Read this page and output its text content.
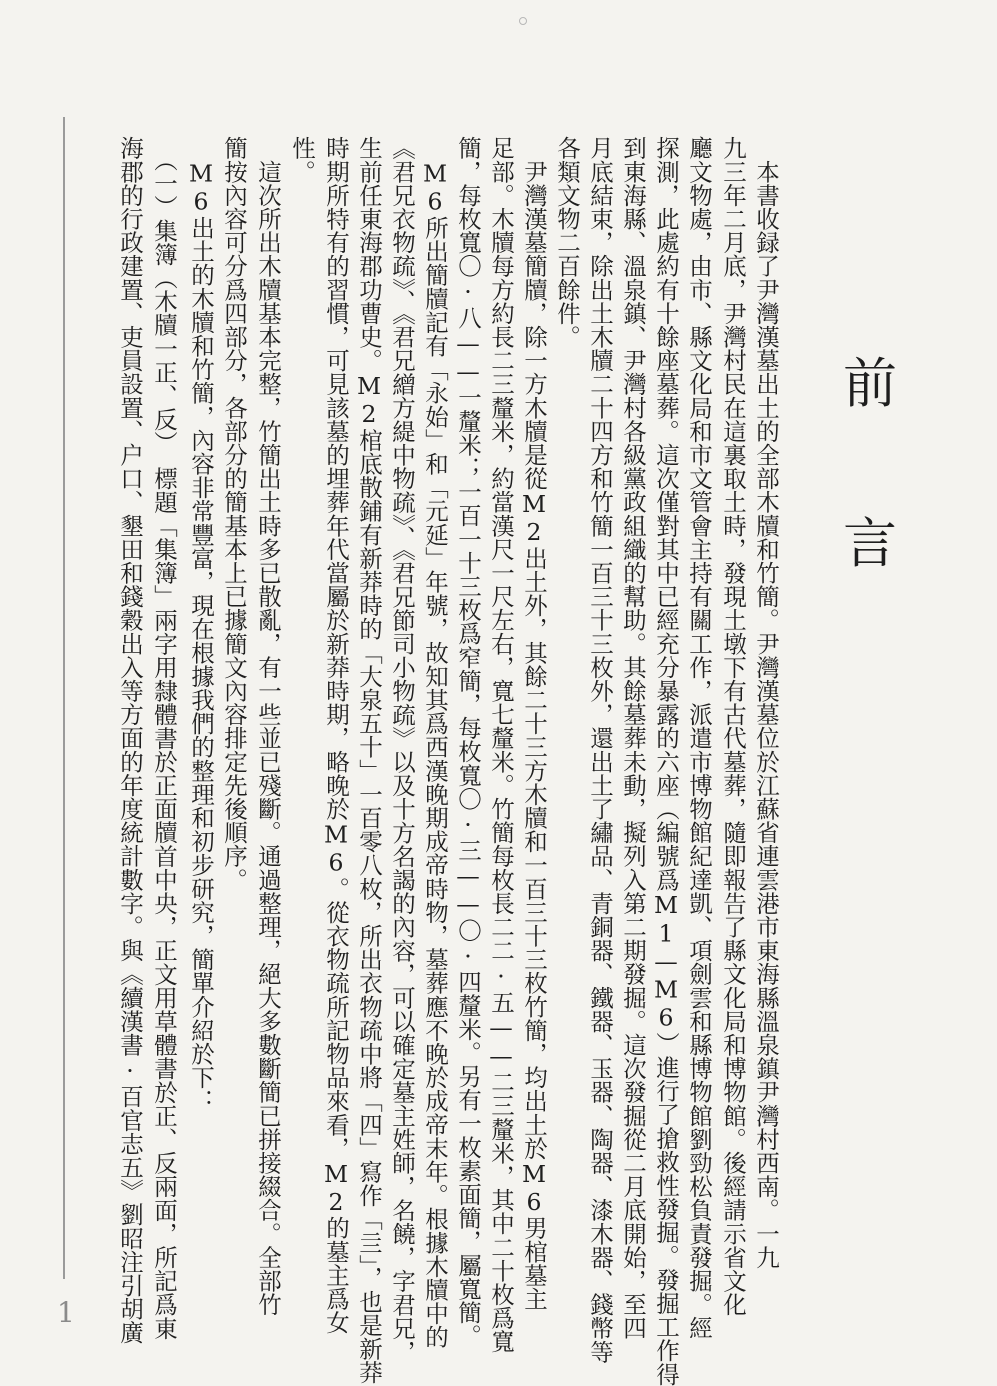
前
言
　本書收録了尹灣漢墓出土的全部木牘和竹簡。尹灣漢墓位於江蘇省連雲港市東海縣溫泉鎮尹灣村西南。一九
九三年二月底，尹灣村民在這裏取土時，發現土墩下有古代墓葬，隨即報告了縣文化局和博物館。後經請示省文化
廳文物處，由市、縣文化局和市文管會主持有關工作，派遣市博物館紀達凱、項劍雲和縣博物館劉勁松負責發掘。經
探測，此處約有十餘座墓葬。這次僅對其中已經充分暴露的六座（編號爲M1—M6）進行了搶救性發掘。發掘工作得
到東海縣、溫泉鎮、尹灣村各級黨政組織的幫助。其餘墓葬未動，擬列入第二期發掘。這次發掘從二月底開始，至四
月底結束，除出土木牘二十四方和竹簡一百三十三枚外，還出土了繡品、青銅器、鐵器、玉器、陶器、漆木器、錢幣等
各類文物二百餘件。
　尹灣漢墓簡牘，除一方木牘是從M2出土外，其餘二十三方木牘和一百三十三枚竹簡，均出土於M6男棺墓主
足部。木牘每方約長二三釐米，約當漢尺一尺左右，寬七釐米。竹簡每枚長二二·五——二三釐米，其中二十枚爲寬
簡，每枚寬〇·八——一釐米；一百一十三枚爲窄簡，每枚寬〇·三——〇·四釐米。另有一枚素面簡，屬寬簡。
　M6所出簡牘記有「永始」和「元延」年號，故知其爲西漢晚期成帝時物，墓葬應不晚於成帝末年。根據木牘中的
《君兄衣物疏》、《君兄繒方緹中物疏》、《君兄節司小物疏》以及十方名謁的內容，可以確定墓主姓師，名饒，字君兄，
生前任東海郡功曹史。M2棺底散鋪有新莽時的「大泉五十」一百零八枚，所出衣物疏中將「四」寫作「亖」，也是新莽
時期所特有的習慣，可見該墓的埋葬年代當屬於新莽時期，略晚於M6。從衣物疏所記物品來看，M2的墓主爲女
性。
　這次所出木牘基本完整，竹簡出土時多已散亂，有一些並已殘斷。通過整理，絕大多數斷簡已拼接綴合。全部竹
簡按內容可分爲四部分，各部分的簡基本上已據簡文內容排定先後順序。
　M6出土的木牘和竹簡，內容非常豐富，現在根據我們的整理和初步研究，簡單介紹於下：
　（一）集簿（木牘一正、反）　標題「集簿」兩字用隸體書於正面牘首中央，正文用草體書於正、反兩面，所記爲東
海郡的行政建置、吏員設置、户口、墾田和錢穀出入等方面的年度統計數字。與《續漢書·百官志五》劉昭注引胡廣
1
